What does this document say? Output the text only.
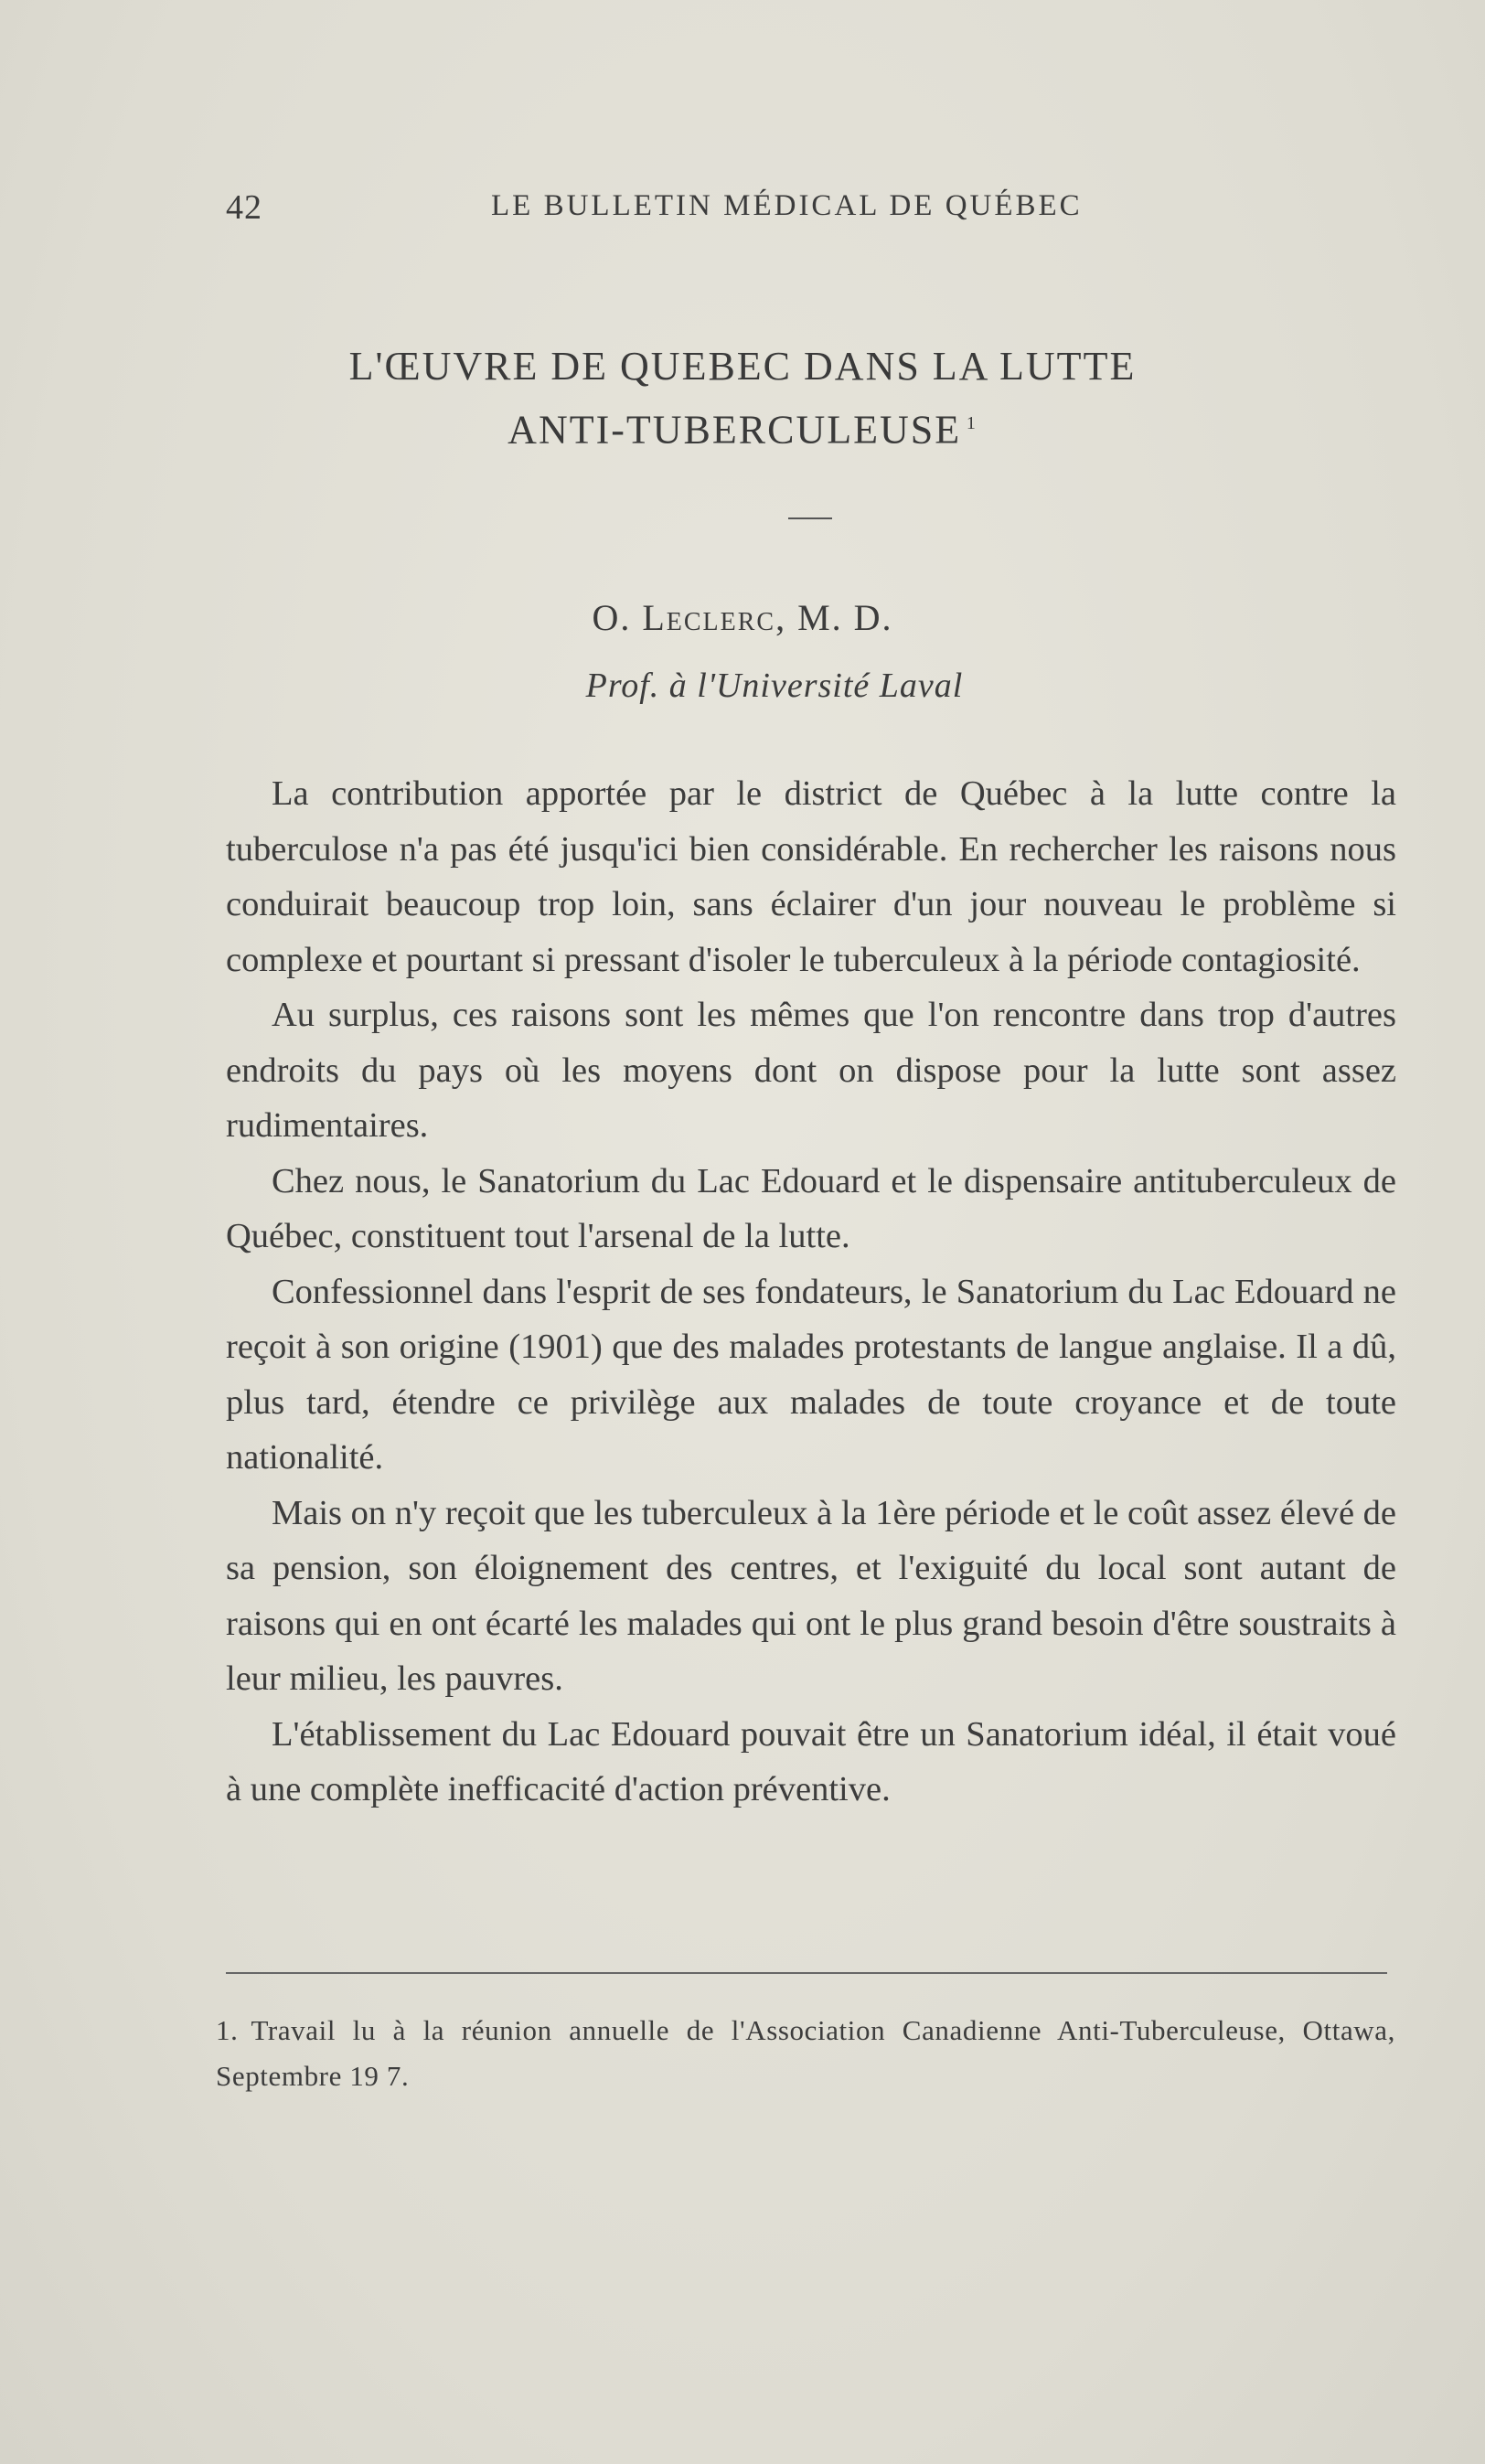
42	LE BULLETIN MÉDICAL DE QUÉBEC
L'ŒUVRE DE QUEBEC DANS LA LUTTE
ANTI-TUBERCULEUSE  $^1$
O. Leclerc, M. D.
Prof. à l'Université Laval

La contribution apportée par le district de Québec à la lutte contre la tuberculose n'a pas été jusqu'ici bien considérable. En rechercher les raisons nous conduirait beaucoup trop loin, sans éclairer d'un jour nouveau le problème si complexe et pourtant si pressant d'isoler le tuberculeux à la période contagiosité.

Au surplus, ces raisons sont les mêmes que l'on rencontre dans trop d'autres endroits du pays où les moyens dont on dispose pour la lutte sont assez rudimentaires.

Chez nous, le Sanatorium du Lac Edouard et le dispensaire antituberculeux de Québec, constituent tout l'arsenal de la lutte.

Confessionnel dans l'esprit de ses fondateurs, le Sanatorium du Lac Edouard ne reçoit à son origine (1901) que des malades protestants de langue anglaise. Il a dû, plus tard, étendre ce privilège aux malades de toute croyance et de toute nationalité.

Mais on n'y reçoit que les tuberculeux à la 1ère période et le coût assez élevé de sa pension, son éloignement des centres, et l'exiguité du local sont autant de raisons qui en ont écarté les malades qui ont le plus grand besoin d'être soustraits à leur milieu, les pauvres.

L'établissement du Lac Edouard pouvait être un Sanatorium idéal, il était voué à une complète inefficacité d'action préventive.

1. Travail lu à la réunion annuelle de l'Association Canadienne Anti-Tuberculeuse, Ottawa, Septembre 19 7.
